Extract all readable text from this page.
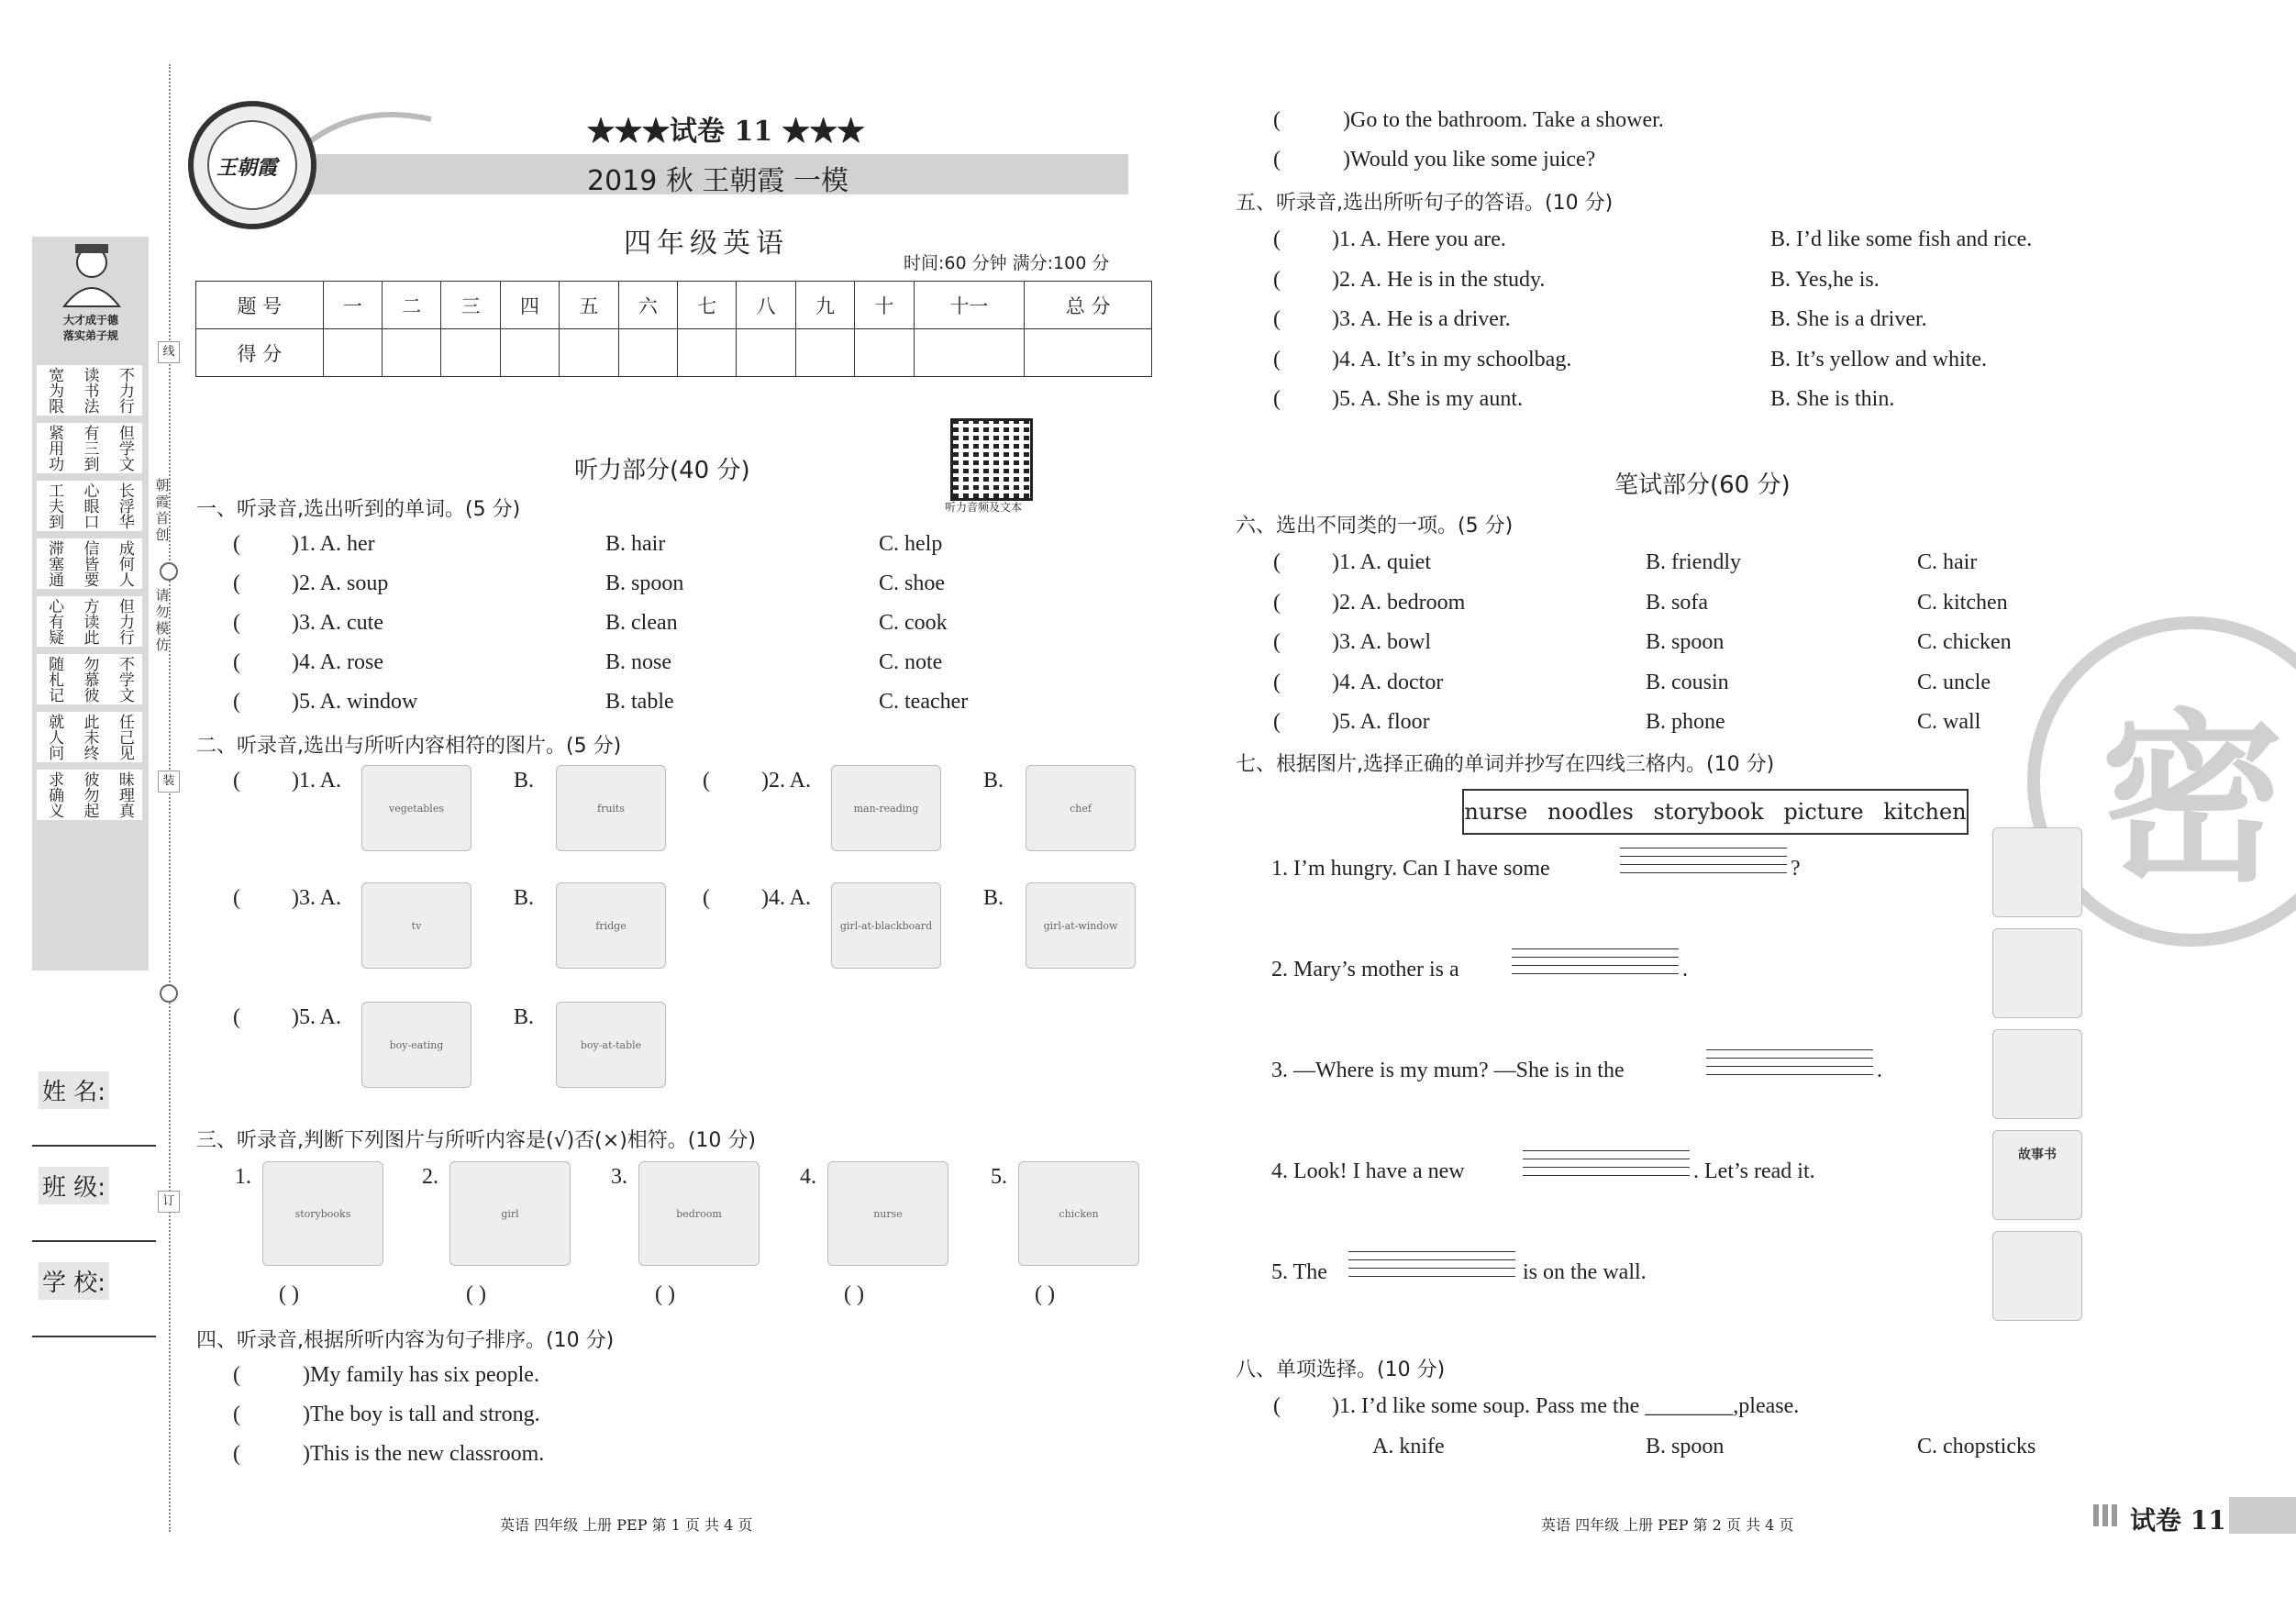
大才成于德
落实弟子规
宽为限 读书法 不力行
紧用功 有三到 但学文
工夫到 心眼口 长浮华
滞塞通 信皆要 成何人
心有疑 方读此 但力行
随札记 勿慕彼 不学文
就人问 此未终 任己见
求确义 彼勿起 昧理真
线
装
订
朝霞首创
请勿模仿
姓 名:
班 级:
学 校:
王朝霞
★★★试卷 11 ★★★
2019 秋 王朝霞 一模
四年级英语
时间:60 分钟 满分:100 分
题 号	一	二	三	四	五	六	七	八	九	十	十一	总 分
得 分												
听力部分(40 分)
听力音频及文本
一、听录音,选出听到的单词。(5 分)
二、听录音,选出与所听内容相符的图片。(5 分)
三、听录音,判断下列图片与所听内容是(√)否(×)相符。(10 分)
四、听录音,根据所听内容为句子排序。(10 分)
英语 四年级 上册 PEP 第 1 页 共 4 页
五、听录音,选出所听句子的答语。(10 分)
笔试部分(60 分)
六、选出不同类的一项。(5 分)
七、根据图片,选择正确的单词并抄写在四线三格内。(10 分)
nurse noodles storybook picture kitchen 密
八、单项选择。(10 分)
英语 四年级 上册 PEP 第 2 页 共 4 页	试卷 11
( )1. A. her	B. hair	C. help
( )2. A. soup	B. spoon	C. shoe
( )3. A. cute	B. clean	C. cook
( )4. A. rose	B. nose	C. note
( )5. A. window	B. table	C. teacher
( )1. A.
vegetables
B.
fruits
( )2. A.
man-reading
B.
chef
( )3. A.
tv
B.
fridge
( )4. A.
girl-at-blackboard
B.
girl-at-window
( )5. A.
boy-eating
B.
boy-at-table
1.
storybooks
( )
2.
girl
( )
3.
bedroom
( )
4.
nurse
( )
5.
chicken
( )
(	)My family has six people.
(	)The boy is tall and strong.
(	)This is the new classroom.
(	)Go to the bathroom. Take a shower.
(	)Would you like some juice?
( )1. A. Here you are.	B. I’d like some fish and rice.
( )2. A. He is in the study.	B. Yes,he is.
( )3. A. He is a driver.	B. She is a driver.
( )4. A. It’s in my schoolbag.	B. It’s yellow and white.
( )5. A. She is my aunt.	B. She is thin.
( )1. A. quiet	B. friendly	C. hair
( )2. A. bedroom	B. sofa	C. kitchen
( )3. A. bowl	B. spoon	C. chicken
( )4. A. doctor	B. cousin	C. uncle
( )5. A. floor	B. phone	C. wall
1. I’m hungry. Can I have some	?
2. Mary’s mother is a	.
3. —Where is my mum? —She is in the	.
4. Look! I have a new	. Let’s read it.
5. The	is on the wall.
故事书
( )1. I’d like some soup. Pass me the ________,please.
A. knife	B. spoon	C. chopsticks
